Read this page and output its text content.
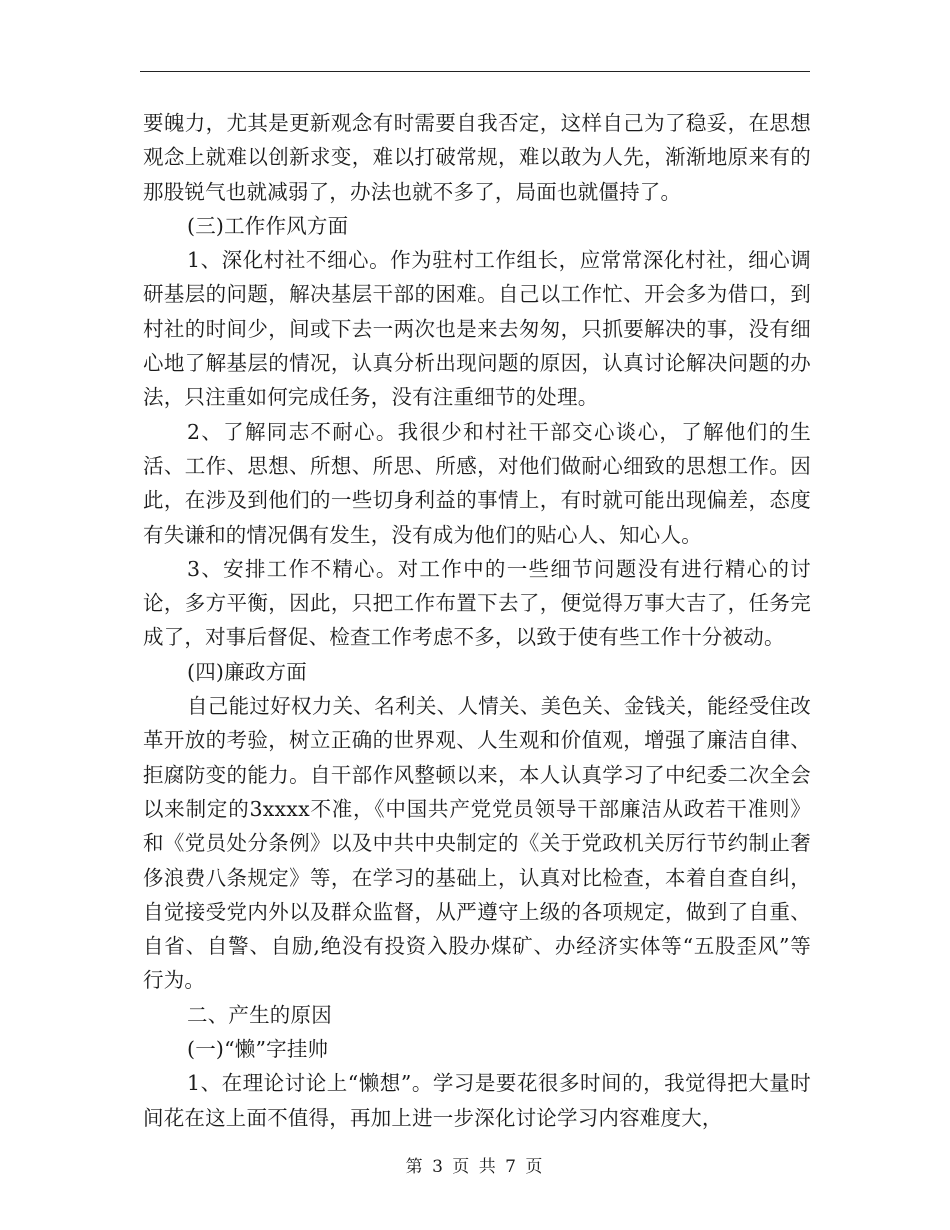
要魄力，尤其是更新观念有时需要自我否定，这样自己为了稳妥，在思想观念上就难以创新求变，难以打破常规，难以敢为人先，渐渐地原来有的那股锐气也就减弱了，办法也就不多了，局面也就僵持了。

(三)工作作风方面

1、深化村社不细心。作为驻村工作组长，应常常深化村社，细心调研基层的问题，解决基层干部的困难。自己以工作忙、开会多为借口，到村社的时间少，间或下去一两次也是来去匆匆，只抓要解决的事，没有细心地了解基层的情况，认真分析出现问题的原因，认真讨论解决问题的办法，只注重如何完成任务，没有注重细节的处理。

2、了解同志不耐心。我很少和村社干部交心谈心，了解他们的生活、工作、思想、所想、所思、所感，对他们做耐心细致的思想工作。因此，在涉及到他们的一些切身利益的事情上，有时就可能出现偏差，态度有失谦和的情况偶有发生，没有成为他们的贴心人、知心人。

3、安排工作不精心。对工作中的一些细节问题没有进行精心的讨论，多方平衡，因此，只把工作布置下去了，便觉得万事大吉了，任务完成了，对事后督促、检查工作考虑不多，以致于使有些工作十分被动。

(四)廉政方面

自己能过好权力关、名利关、人情关、美色关、金钱关，能经受住改革开放的考验，树立正确的世界观、人生观和价值观，增强了廉洁自律、拒腐防变的能力。自干部作风整顿以来，本人认真学习了中纪委二次全会以来制定的3xxxx不准，《中国共产党党员领导干部廉洁从政若干准则》和《党员处分条例》以及中共中央制定的《关于党政机关厉行节约制止奢侈浪费八条规定》等，在学习的基础上，认真对比检查，本着自查自纠，自觉接受党内外以及群众监督，从严遵守上级的各项规定，做到了自重、自省、自警、自励,绝没有投资入股办煤矿、办经济实体等“五股歪风”等行为。

二、产生的原因

(一)“懒”字挂帅

1、在理论讨论上“懒想”。学习是要花很多时间的，我觉得把大量时间花在这上面不值得，再加上进一步深化讨论学习内容难度大，

第 3 页 共 7 页
